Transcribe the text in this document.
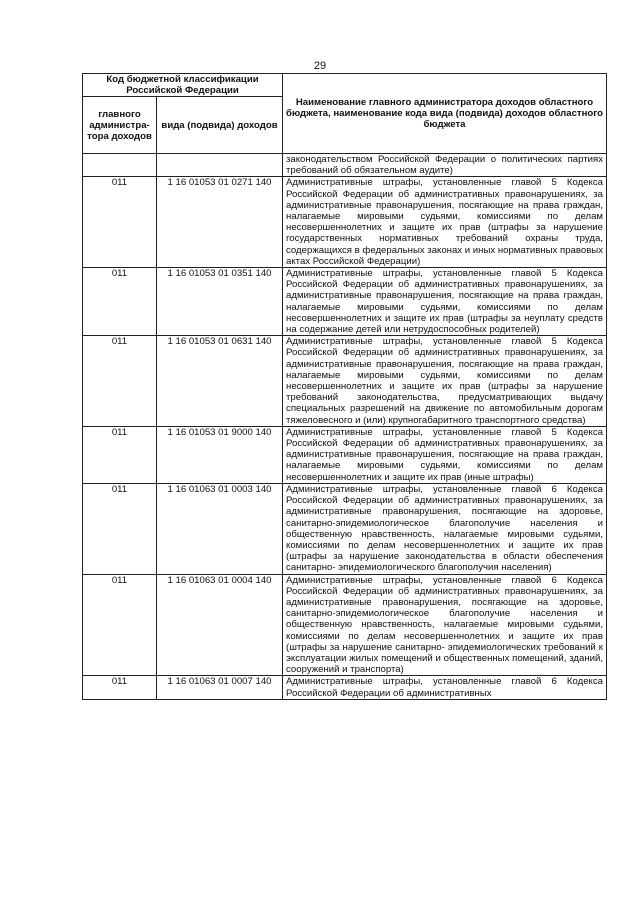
29
Код бюджетной классификации Российской Федерации		Наименование главного администратора доходов областного бюджета, наименование кода вида (подвида) доходов областного бюджета
главного администра-тора доходов	вида (подвида) доходов	
		законодательством Российской Федерации о политических партиях требований об обязательном аудите)
011	1 16 01053 01 0271 140	Административные штрафы, установленные главой 5 Кодекса Российской Федерации об административных правонарушениях, за административные правонарушения, посягающие на права граждан, налагаемые мировыми судьями, комиссиями по делам несовершеннолетних и защите их прав (штрафы за нарушение государственных нормативных требований охраны труда, содержащихся в федеральных законах и иных нормативных правовых актах Российской Федерации)
011	1 16 01053 01 0351 140	Административные штрафы, установленные главой 5 Кодекса Российской Федерации об административных правонарушениях, за административные правонарушения, посягающие на права граждан, налагаемые мировыми судьями, комиссиями по делам несовершеннолетних и защите их прав (штрафы за неуплату средств на содержание детей или нетрудоспособных родителей)
011	1 16 01053 01 0631 140	Административные штрафы, установленные главой 5 Кодекса Российской Федерации об административных правонарушениях, за административные правонарушения, посягающие на права граждан, налагаемые мировыми судьями, комиссиями по делам несовершеннолетних и защите их прав (штрафы за нарушение требований законодательства, предусматривающих выдачу специальных разрешений на движение по автомобильным дорогам тяжеловесного и (или) крупногабаритного транспортного средства)
011	1 16 01053 01 9000 140	Административные штрафы, установленные главой 5 Кодекса Российской Федерации об административных правонарушениях, за административные правонарушения, посягающие на права граждан, налагаемые мировыми судьями, комиссиями по делам несовершеннолетних и защите их прав (иные штрафы)
011	1 16 01063 01 0003 140	Административные штрафы, установленные главой 6 Кодекса Российской Федерации об административных правонарушениях, за административные правонарушения, посягающие на здоровье, санитарно-эпидемиологическое благополучие населения и общественную нравственность, налагаемые мировыми судьями, комиссиями по делам несовершеннолетних и защите их прав (штрафы за нарушение законодательства в области обеспечения санитарно- эпидемиологического благополучия населения)
011	1 16 01063 01 0004 140	Административные штрафы, установленные главой 6 Кодекса Российской Федерации об административных правонарушениях, за административные правонарушения, посягающие на здоровье, санитарно-эпидемиологическое благополучие населения и общественную нравственность, налагаемые мировыми судьями, комиссиями по делам несовершеннолетних и защите их прав (штрафы за нарушение санитарно- эпидемиологических требований к эксплуатации жилых помещений и общественных помещений, зданий, сооружений и транспорта)
011	1 16 01063 01 0007 140	Административные штрафы, установленные главой 6 Кодекса Российской Федерации об административных
